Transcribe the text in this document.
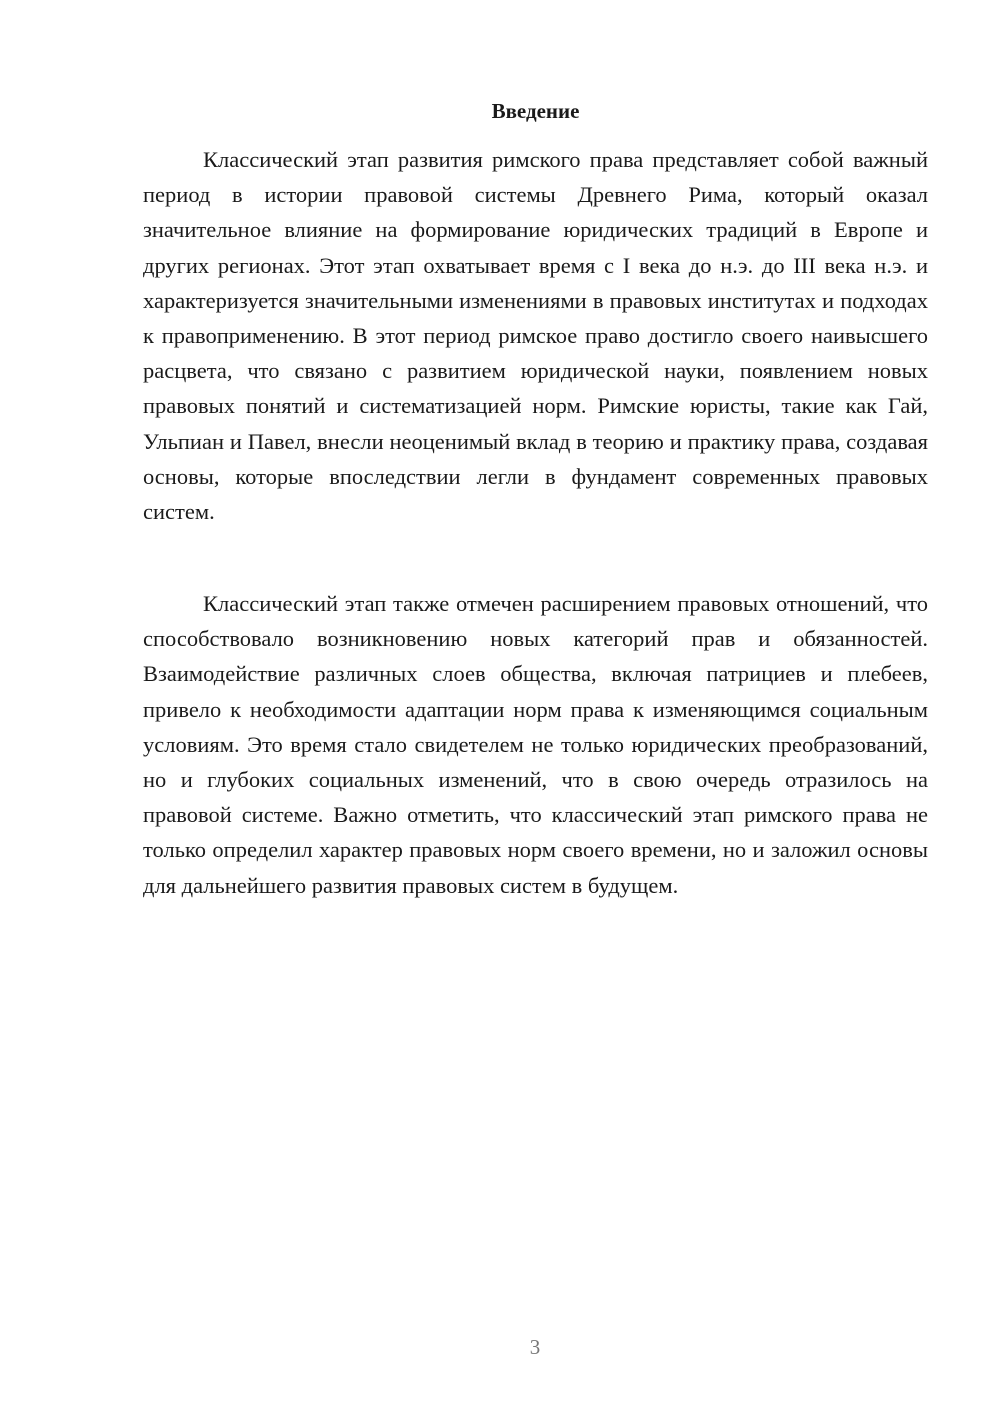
Введение

Классический этап развития римского права представляет собой важный период в истории правовой системы Древнего Рима, который оказал значительное влияние на формирование юридических традиций в Европе и других регионах. Этот этап охватывает время с I века до н.э. до III века н.э. и характеризуется значительными изменениями в правовых институтах и подходах к правоприменению. В этот период римское право достигло своего наивысшего расцвета, что связано с развитием юридической науки, появлением новых правовых понятий и систематизацией норм. Римские юристы, такие как Гай, Ульпиан и Павел, внесли неоценимый вклад в теорию и практику права, создавая основы, которые впоследствии легли в фундамент современных правовых систем.

Классический этап также отмечен расширением правовых отношений, что способствовало возникновению новых категорий прав и обязанностей. Взаимодействие различных слоев общества, включая патрициев и плебеев, привело к необходимости адаптации норм права к изменяющимся социальным условиям. Это время стало свидетелем не только юридических преобразований, но и глубоких социальных изменений, что в свою очередь отразилось на правовой системе. Важно отметить, что классический этап римского права не только определил характер правовых норм своего времени, но и заложил основы для дальнейшего развития правовых систем в будущем.

3
